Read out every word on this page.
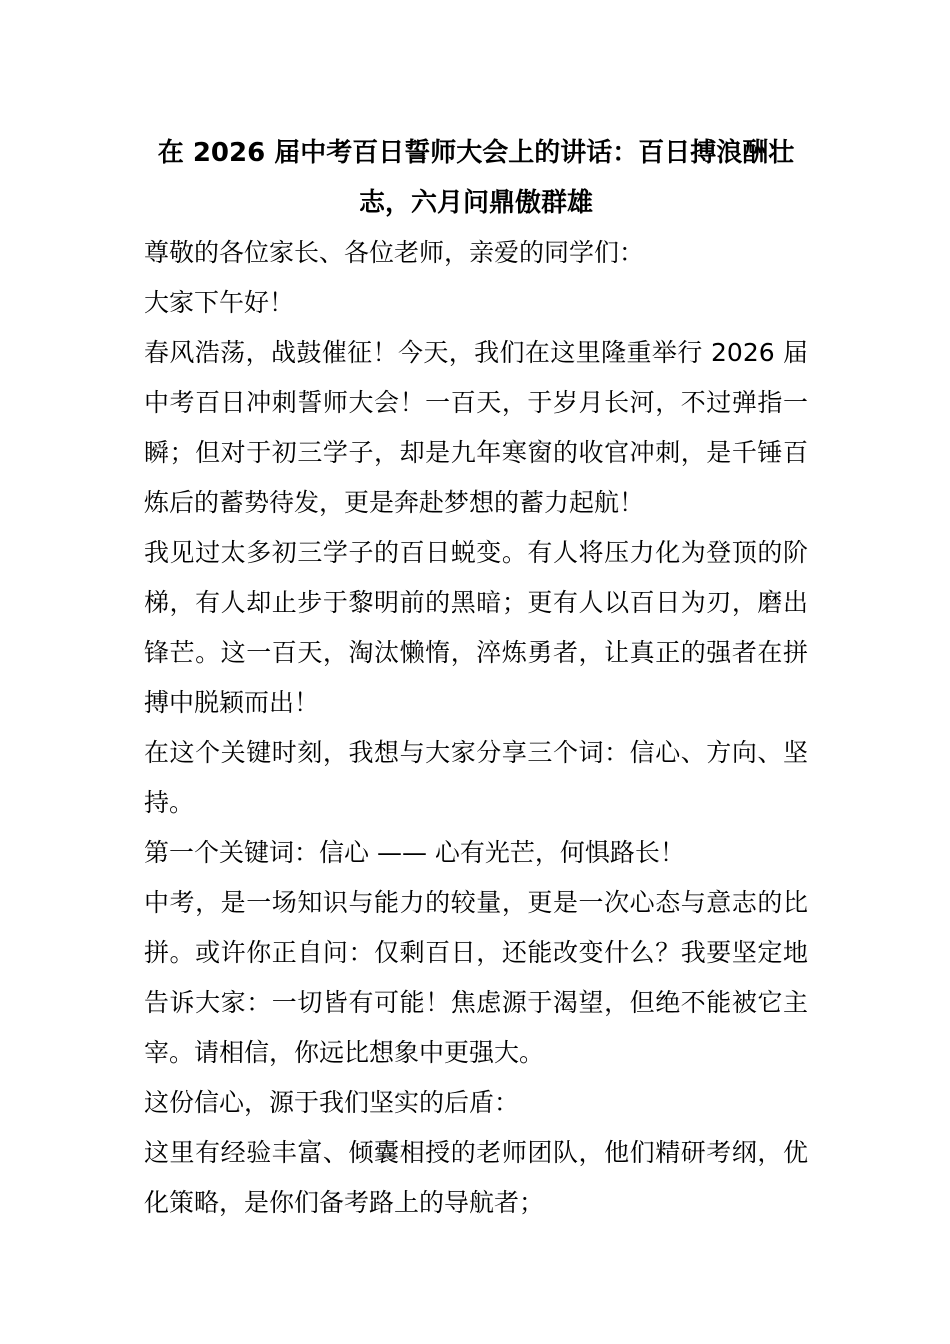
在 2026 届中考百日誓师大会上的讲话：百日搏浪酬壮志，六月问鼎傲群雄

尊敬的各位家长、各位老师，亲爱的同学们：

大家下午好！

春风浩荡，战鼓催征！今天，我们在这里隆重举行 2026 届中考百日冲刺誓师大会！一百天，于岁月长河，不过弹指一瞬；但对于初三学子，却是九年寒窗的收官冲刺，是千锤百炼后的蓄势待发，更是奔赴梦想的蓄力起航！

我见过太多初三学子的百日蜕变。有人将压力化为登顶的阶梯，有人却止步于黎明前的黑暗；更有人以百日为刃，磨出锋芒。这一百天，淘汰懒惰，淬炼勇者，让真正的强者在拼搏中脱颖而出！

在这个关键时刻，我想与大家分享三个词：信心、方向、坚持。

第一个关键词：信心 —— 心有光芒，何惧路长！

中考，是一场知识与能力的较量，更是一次心态与意志的比拼。或许你正自问：仅剩百日，还能改变什么？我要坚定地告诉大家：一切皆有可能！焦虑源于渴望，但绝不能被它主宰。请相信，你远比想象中更强大。

这份信心，源于我们坚实的后盾：

这里有经验丰富、倾囊相授的老师团队，他们精研考纲，优化策略，是你们备考路上的导航者；
